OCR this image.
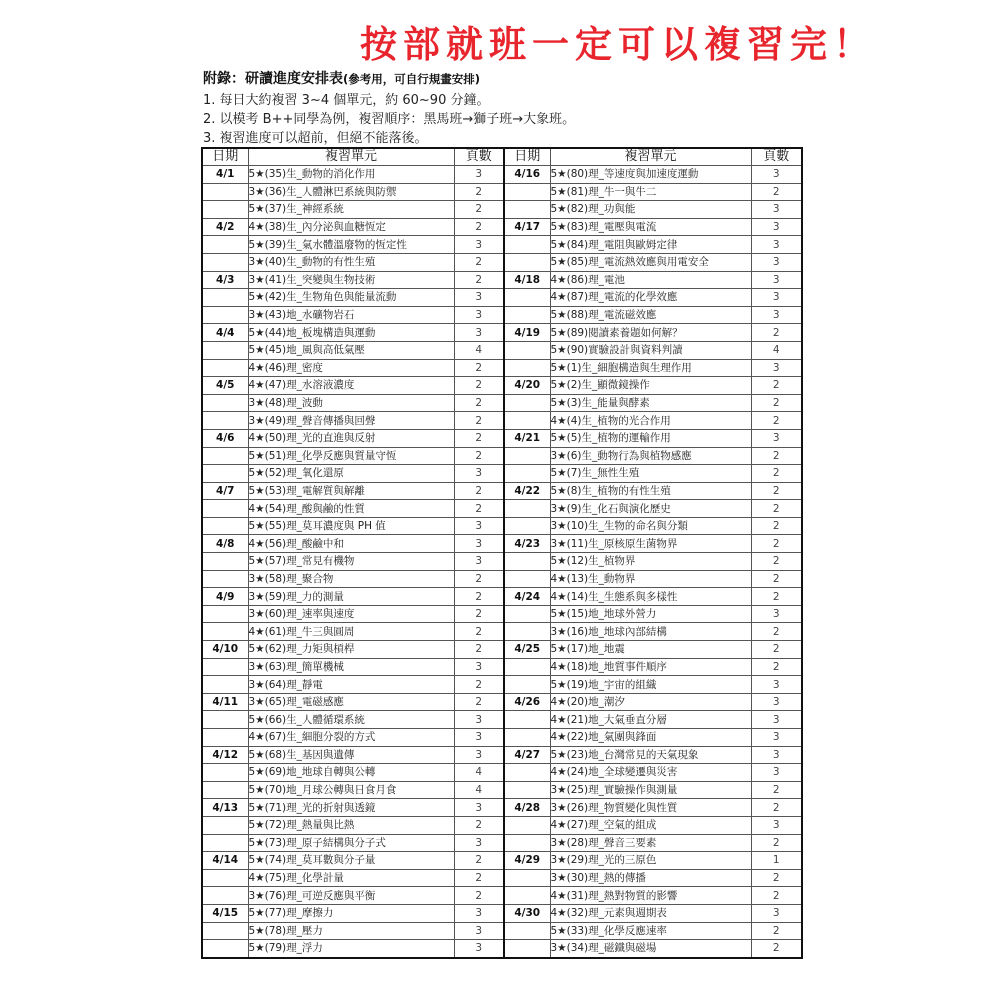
按部就班一定可以複習完！
附錄：研讀進度安排表(參考用，可自行規畫安排)
1. 每日大約複習 3~4 個單元，約 60~90 分鐘。
2. 以模考 B++同學為例，複習順序：黑馬班→獅子班→大象班。
3. 複習進度可以超前，但絕不能落後。
日期	複習單元	頁數	日期	複習單元	頁數
4/1	5★(35)生_動物的消化作用	3	4/16	5★(80)理_等速度與加速度運動	3
	3★(36)生_人體淋巴系統與防禦	2		5★(81)理_牛一與牛二	2
	5★(37)生_神經系統	2		5★(82)理_功與能	3
4/2	4★(38)生_內分泌與血糖恆定	2	4/17	5★(83)理_電壓與電流	3
	5★(39)生_氣水體溫廢物的恆定性	3		5★(84)理_電阻與歐姆定律	3
	3★(40)生_動物的有性生殖	2		5★(85)理_電流熱效應與用電安全	3
4/3	3★(41)生_突變與生物技術	2	4/18	4★(86)理_電池	3
	5★(42)生_生物角色與能量流動	3		4★(87)理_電流的化學效應	3
	3★(43)地_水礦物岩石	3		5★(88)理_電流磁效應	3
4/4	5★(44)地_板塊構造與運動	3	4/19	5★(89)閱讀素養題如何解？	2
	5★(45)地_風與高低氣壓	4		5★(90)實驗設計與資料判讀	4
	4★(46)理_密度	2		5★(1)生_細胞構造與生理作用	3
4/5	4★(47)理_水溶液濃度	2	4/20	5★(2)生_顯微鏡操作	2
	3★(48)理_波動	2		5★(3)生_能量與酵素	2
	3★(49)理_聲音傳播與回聲	2		4★(4)生_植物的光合作用	2
4/6	4★(50)理_光的直進與反射	2	4/21	5★(5)生_植物的運輸作用	3
	5★(51)理_化學反應與質量守恆	2		3★(6)生_動物行為與植物感應	2
	5★(52)理_氧化還原	3		5★(7)生_無性生殖	2
4/7	5★(53)理_電解質與解離	2	4/22	5★(8)生_植物的有性生殖	2
	4★(54)理_酸與鹼的性質	2		3★(9)生_化石與演化歷史	2
	5★(55)理_莫耳濃度與 PH 值	3		3★(10)生_生物的命名與分類	2
4/8	4★(56)理_酸鹼中和	3	4/23	3★(11)生_原核原生菌物界	2
	5★(57)理_常見有機物	3		5★(12)生_植物界	2
	3★(58)理_聚合物	2		4★(13)生_動物界	2
4/9	3★(59)理_力的測量	2	4/24	4★(14)生_生態系與多樣性	2
	3★(60)理_速率與速度	2		5★(15)地_地球外營力	3
	4★(61)理_牛三與圓周	2		3★(16)地_地球內部結構	2
4/10	5★(62)理_力矩與槓桿	2	4/25	5★(17)地_地震	2
	3★(63)理_簡單機械	3		4★(18)地_地質事件順序	2
	3★(64)理_靜電	2		5★(19)地_宇宙的組織	3
4/11	3★(65)理_電磁感應	2	4/26	4★(20)地_潮汐	3
	5★(66)生_人體循環系統	3		4★(21)地_大氣垂直分層	3
	4★(67)生_細胞分裂的方式	3		4★(22)地_氣團與鋒面	3
4/12	5★(68)生_基因與遺傳	3	4/27	5★(23)地_台灣常見的天氣現象	3
	5★(69)地_地球自轉與公轉	4		4★(24)地_全球變遷與災害	3
	5★(70)地_月球公轉與日食月食	4		3★(25)理_實驗操作與測量	2
4/13	5★(71)理_光的折射與透鏡	3	4/28	3★(26)理_物質變化與性質	2
	5★(72)理_熱量與比熱	2		4★(27)理_空氣的組成	3
	5★(73)理_原子結構與分子式	3		3★(28)理_聲音三要素	2
4/14	5★(74)理_莫耳數與分子量	2	4/29	3★(29)理_光的三原色	1
	4★(75)理_化學計量	2		3★(30)理_熱的傳播	2
	3★(76)理_可逆反應與平衡	2		4★(31)理_熱對物質的影響	2
4/15	5★(77)理_摩擦力	3	4/30	4★(32)理_元素與週期表	3
	5★(78)理_壓力	3		5★(33)理_化學反應速率	2
	5★(79)理_浮力	3		3★(34)理_磁鐵與磁場	2
